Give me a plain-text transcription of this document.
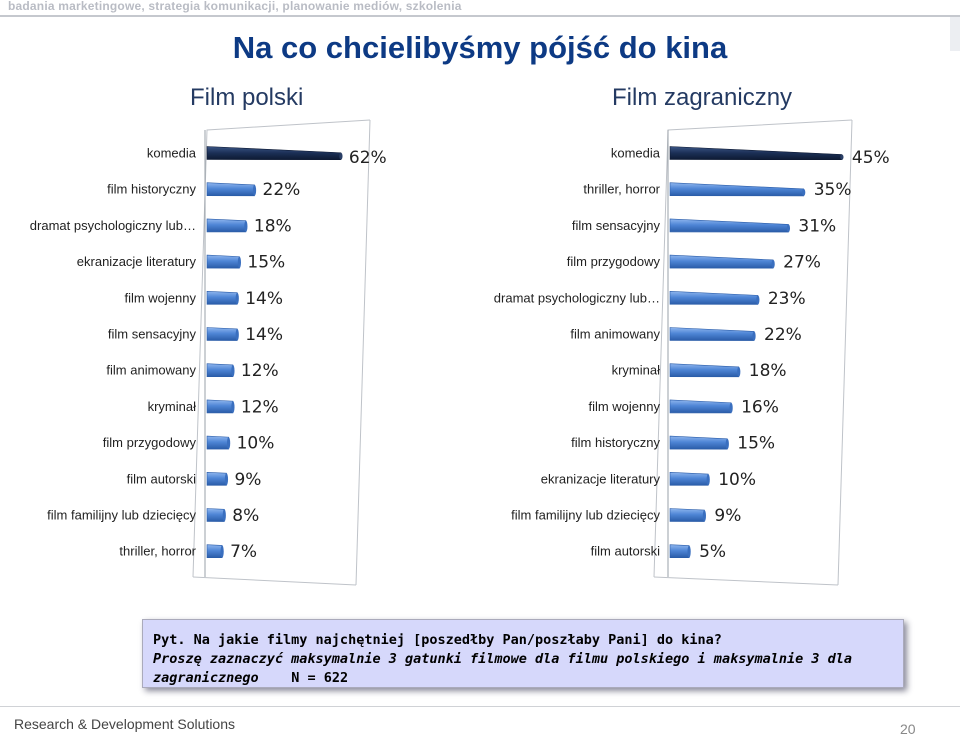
badania marketingowe, strategia komunikacji, planowanie mediów, szkolenia
Na co chcielibyśmy pójść do kina
Film polski	Film zagraniczny
komedia	62%
film historyczny	22%
dramat psychologiczny lub…	18%
ekranizacje literatury	15%
film wojenny	14%
film sensacyjny	14%
film animowany	12%
kryminał	12%
film przygodowy 10%
film autorski 9%
film familijny lub dziecięcy 8%
thriller, horror 7%
komedia	45%
thriller, horror	35%
film sensacyjny	31%
film przygodowy	27%
dramat psychologiczny lub…	23%
film animowany	22%
kryminał	18%
film wojenny	16%
film historyczny	15%
ekranizacje literatury	10%
film familijny lub dziecięcy	9%
film autorski 5%
Pyt. Na jakie filmy najchętniej [poszedłby Pan/poszłaby Pani] do kina?
Proszę zaznaczyć maksymalnie 3 gatunki filmowe dla filmu polskiego i maksymalnie 3 dla zagranicznego N = 622
Research & Development Solutions	20
